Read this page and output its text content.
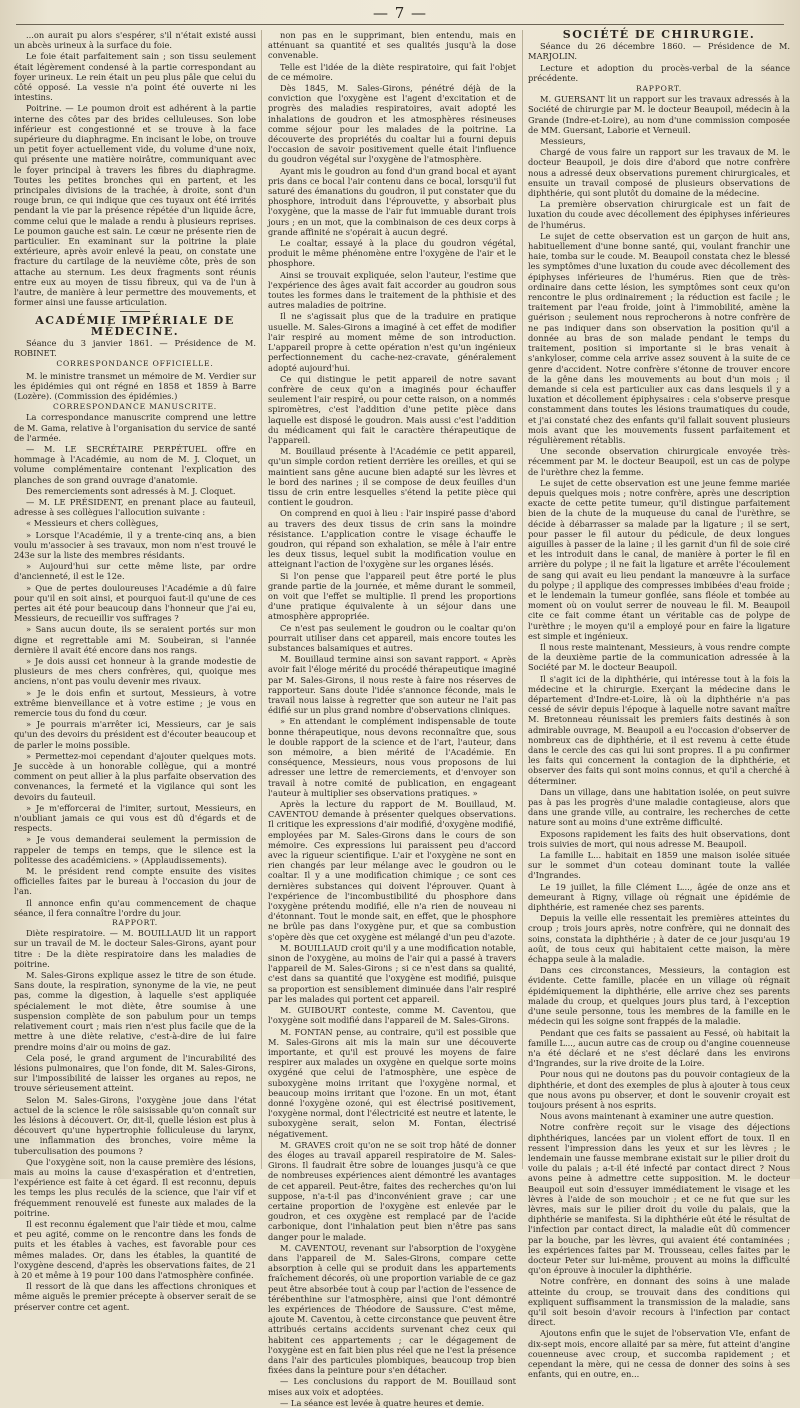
— 7 —

...on aurait pu alors s'espérer, s'il n'était existé aussi un abcès urineux à la surface du foie.

Le foie était parfaitement sain ; son tissu seulement était légèrement condensé à la partie correspondant au foyer urineux. Le rein était un peu plus pâle que celui du côté opposé. La vessie n'a point été ouverte ni les intestins.

Poitrine. — Le poumon droit est adhérent à la partie interne des côtes par des brides celluleuses. Son lobe inférieur est congestionné et se trouve à la face supérieure du diaphragme. En incisant le lobe, on trouve un petit foyer actuellement vide, du volume d'une noix, qui présente une matière noirâtre, communiquant avec le foyer principal à travers les fibres du diaphragme. Toutes les petites bronches qui en partent, et les principales divisions de la trachée, à droite, sont d'un rouge brun, ce qui indique que ces tuyaux ont été irrités pendant la vie par la présence répétée d'un liquide âcre, comme celui que le malade a rendu à plusieurs reprises. Le poumon gauche est sain. Le cœur ne présente rien de particulier. En examinant sur la poitrine la plaie extérieure, après avoir enlevé la peau, on constate une fracture du cartilage de la neuvième côte, près de son attache au sternum. Les deux fragments sont réunis entre eux au moyen de tissu fibreux, qui va de l'un à l'autre, de manière à leur permettre des mouvements, et former ainsi une fausse articulation.

ACADÉMIE IMPÉRIALE DE MÉDECINE.

Séance du 3 janvier 1861. — Présidence de M. ROBINET.

CORRESPONDANCE OFFICIELLE.

M. le ministre transmet un mémoire de M. Verdier sur les épidémies qui ont régné en 1858 et 1859 à Barre (Lozère). (Commission des épidémies.)

CORRESPONDANCE MANUSCRITE.

La correspondance manuscrite comprend une lettre de M. Gama, relative à l'organisation du service de santé de l'armée.

— M. LE SECRÉTAIRE PERPÉTUEL offre en hommage à l'Académie, au nom de M. J. Cloquet, un volume complémentaire contenant l'explication des planches de son grand ouvrage d'anatomie.

Des remerciements sont adressés à M. J. Cloquet.

— M. LE PRÉSIDENT, en prenant place au fauteuil, adresse à ses collègues l'allocution suivante :

« Messieurs et chers collègues,

» Lorsque l'Académie, il y a trente-cinq ans, a bien voulu m'associer à ses travaux, mon nom n'est trouvé le 243e sur la liste des membres résidants.

» Aujourd'hui sur cette même liste, par ordre d'ancienneté, il est le 12e.

» Que de pertes douloureuses l'Académie a dû faire pour qu'il en soit ainsi, et pourquoi faut-il qu'une de ces pertes ait été pour beaucoup dans l'honneur que j'ai eu, Messieurs, de recueillir vos suffrages ?

» Sans aucun doute, ils se seraient portés sur mon digne et regrettable ami M. Soubeiran, si l'année dernière il avait été encore dans nos rangs.

» Je dois aussi cet honneur à la grande modestie de plusieurs de mes chers confrères, qui, quoique mes anciens, n'ont pas voulu devenir mes rivaux.

» Je le dois enfin et surtout, Messieurs, à votre extrême bienveillance et à votre estime ; je vous en remercie tous du fond du cœur.

» Je pourrais m'arrêter ici, Messieurs, car je sais qu'un des devoirs du président est d'écouter beaucoup et de parler le moins possible.

» Permettez-moi cependant d'ajouter quelques mots. Je succède à un honorable collègue, qui a montré comment on peut allier à la plus parfaite observation des convenances, la fermeté et la vigilance qui sont les devoirs du fauteuil.

» Je m'efforcerai de l'imiter, surtout, Messieurs, en n'oubliant jamais ce qui vous est dû d'égards et de respects.

» Je vous demanderai seulement la permission de rappeler de temps en temps, que le silence est la politesse des académiciens. » (Applaudissements).

M. le président rend compte ensuite des visites officielles faites par le bureau à l'occasion du jour de l'an.

Il annonce enfin qu'au commencement de chaque séance, il fera connaître l'ordre du jour.

RAPPORT.

Diète respiratoire. — M. BOUILLAUD lit un rapport sur un travail de M. le docteur Sales-Girons, ayant pour titre : De la diète respiratoire dans les maladies de poitrine.

M. Sales-Girons explique assez le titre de son étude. Sans doute, la respiration, synonyme de la vie, ne peut pas, comme la digestion, à laquelle s'est appliquée spécialement le mot diète, être soumise à une suspension complète de son pabulum pour un temps relativement court ; mais rien n'est plus facile que de la mettre à une diète relative, c'est-à-dire de lui faire prendre moins d'air ou moins de gaz.

Cela posé, le grand argument de l'incurabilité des lésions pulmonaires, que l'on fonde, dit M. Sales-Girons, sur l'impossibilité de laisser les organes au repos, ne trouve sérieusement atteint.

Selon M. Sales-Girons, l'oxygène joue dans l'état actuel de la science le rôle saisissable qu'on connaît sur les lésions à découvert. Or, dit-il, quelle lésion est plus à découvert qu'une hypertrophie folliculeuse du larynx, une inflammation des bronches, voire même la tuberculisation des poumons ?

Que l'oxygène soit, non la cause première des lésions, mais au moins la cause d'exaspération et d'entretien, l'expérience est faite à cet égard. Il est reconnu, depuis les temps les plus reculés de la science, que l'air vif et fréquemment renouvelé est funeste aux malades de la poitrine.

Il est reconnu également que l'air tiède et mou, calme et peu agité, comme on le rencontre dans les fonds de puits et les étables à vaches, est favorable pour ces mêmes malades. Or, dans les étables, la quantité de l'oxygène descend, d'après les observations faites, de 21 à 20 et même à 19 pour 100 dans l'atmosphère confinée.

Il ressort de là que dans les affections chroniques et même aiguës le premier précepte à observer serait de se préserver contre cet agent.

non pas en le supprimant, bien entendu, mais en atténuant sa quantité et ses qualités jusqu'à la dose convenable.

Telle est l'idée de la diète respiratoire, qui fait l'objet de ce mémoire.

Dès 1845, M. Sales-Girons, pénétré déjà de la conviction que l'oxygène est l'agent d'excitation et de progrès des maladies respiratoires, avait adopté les inhalations de goudron et les atmosphères résineuses comme séjour pour les malades de la poitrine. La découverte des propriétés du coaltar lui a fourni depuis l'occasion de savoir positivement quelle était l'influence du goudron végétal sur l'oxygène de l'atmosphère.

Ayant mis le goudron au fond d'un grand bocal et ayant pris dans ce bocal l'air contenu dans ce bocal, lorsqu'il fut saturé des émanations du goudron, il put constater que du phosphore, introduit dans l'éprouvette, y absorbait plus l'oxygène, que la masse de l'air fut immuable durant trois jours ; en un mot, que la combinaison de ces deux corps à grande affinité ne s'opérait à aucun degré.

Le coaltar, essayé à la place du goudron végétal, produit le même phénomène entre l'oxygène de l'air et le phosphore.

Ainsi se trouvait expliquée, selon l'auteur, l'estime que l'expérience des âges avait fait accorder au goudron sous toutes les formes dans le traitement de la phthisie et des autres maladies de poitrine.

Il ne s'agissait plus que de la traduire en pratique usuelle. M. Sales-Girons a imaginé à cet effet de modifier l'air respiré au moment même de son introduction. L'appareil propre à cette opération n'est qu'un ingénieux perfectionnement du cache-nez-cravate, généralement adopté aujourd'hui.

Ce qui distingue le petit appareil de notre savant confrère de ceux qu'on a imaginés pour échauffer seulement l'air respiré, ou pour cette raison, on a nommés spiromètres, c'est l'addition d'une petite pièce dans laquelle est disposé le goudron. Mais aussi c'est l'addition du médicament qui fait le caractère thérapeutique de l'appareil.

M. Bouillaud présente à l'Académie ce petit appareil, qu'un simple cordon retient derrière les oreilles, et qui se maintient sans gêne aucune bien adapté sur les lèvres et le bord des narines ; il se compose de deux feuilles d'un tissu de crin entre lesquelles s'étend la petite pièce qui contient le goudron.

On comprend en quoi à lieu : l'air inspiré passe d'abord au travers des deux tissus de crin sans la moindre résistance. L'application contre le visage échauffe le goudron, qui répand son exhalation, se mêle à l'air entre les deux tissus, lequel subit la modification voulue en atteignant l'action de l'oxygène sur les organes lésés.

Si l'on pense que l'appareil peut être porté le plus grande partie de la journée, et même durant le sommeil, on voit que l'effet se multiplie. Il prend les proportions d'une pratique équivalente à un séjour dans une atmosphère appropriée.

Ce n'est pas seulement le goudron ou le coaltar qu'on pourrait utiliser dans cet appareil, mais encore toutes les substances balsamiques et autres.

M. Bouillaud termine ainsi son savant rapport. « Après avoir fait l'éloge mérité du procédé thérapeutique imaginé par M. Sales-Girons, il nous reste à faire nos réserves de rapporteur. Sans doute l'idée s'annonce féconde, mais le travail nous laisse à regretter que son auteur ne l'ait pas édifié sur un plus grand nombre d'observations cliniques.

» En attendant le complément indispensable de toute bonne thérapeutique, nous devons reconnaître que, sous le double rapport de la science et de l'art, l'auteur, dans son mémoire, a bien mérité de l'Académie. En conséquence, Messieurs, nous vous proposons de lui adresser une lettre de remerciements, et d'envoyer son travail à notre comité de publication, en engageant l'auteur à multiplier ses observations pratiques. »

Après la lecture du rapport de M. Bouillaud, M. CAVENTOU demande à présenter quelques observations. Il critique les expressions d'air modifié, d'oxygène modifié, employées par M. Sales-Girons dans le cours de son mémoire. Ces expressions lui paraissent peu d'accord avec la rigueur scientifique. L'air et l'oxygène ne sont en rien changés par leur mélange avec le goudron ou le coaltar. Il y a une modification chimique ; ce sont ces dernières substances qui doivent l'éprouver. Quant à l'expérience de l'incombustibilité du phosphore dans l'oxygène prétendu modifié, elle n'a rien de nouveau ni d'étonnant. Tout le monde sait, en effet, que le phosphore ne brûle pas dans l'oxygène pur, et que sa combustion s'opère dès que cet oxygène est mélangé d'un peu d'azote.

M. BOUILLAUD croit qu'il y a une modification notable, sinon de l'oxygène, au moins de l'air qui a passé à travers l'appareil de M. Sales-Girons ; si ce n'est dans sa qualité, c'est dans sa quantité que l'oxygène est modifié, puisque sa proportion est sensiblement diminuée dans l'air respiré par les malades qui portent cet appareil.

M. GUIBOURT conteste, comme M. Caventou, que l'oxygène soit modifié dans l'appareil de M. Sales-Girons.

M. FONTAN pense, au contraire, qu'il est possible que M. Sales-Girons ait mis la main sur une découverte importante, et qu'il est prouvé les moyens de faire respirer aux malades un oxygène en quelque sorte moins oxygéné que celui de l'atmosphère, une espèce de suboxygène moins irritant que l'oxygène normal, et beaucoup moins irritant que l'ozone. En un mot, étant donné l'oxygène ozoné, qui est électrisé positivement, l'oxygène normal, dont l'électricité est neutre et latente, le suboxygène serait, selon M. Fontan, électrisé négativement.

M. GRAVES croit qu'on ne se soit trop hâté de donner des éloges au travail appareil respiratoire de M. Sales-Girons. Il faudrait être sobre de louanges jusqu'à ce que de nombreuses expériences aient démontré les avantages de cet appareil. Peut-être, faites des recherches qu'on lui suppose, n'a-t-il pas d'inconvénient grave ; car une certaine proportion de l'oxygène est enlevée par le goudron, et ces oxygène est remplacé par de l'acide carbonique, dont l'inhalation peut bien n'être pas sans danger pour le malade.

M. CAVENTOU, revenant sur l'absorption de l'oxygène dans l'appareil de M. Sales-Girons, compare cette absorption à celle qui se produit dans les appartements fraîchement décorés, où une proportion variable de ce gaz peut être absorbée tout à coup par l'action de l'essence de térébenthine sur l'atmosphère, ainsi que l'ont démontré les expériences de Théodore de Saussure. C'est même, ajoute M. Caventou, à cette circonstance que peuvent être attribués certains accidents survenant chez ceux qui habitent ces appartements ; car le dégagement de l'oxygène est en fait bien plus réel que ne l'est la présence dans l'air des particules plombiques, beaucoup trop bien fixées dans la peinture pour s'en détacher.

— Les conclusions du rapport de M. Bouillaud sont mises aux voix et adoptées.

— La séance est levée à quatre heures et demie.

SOCIÉTÉ DE CHIRURGIE.

Séance du 26 décembre 1860. — Présidence de M. MARJOLIN.

Lecture et adoption du procès-verbal de la séance précédente.

RAPPORT.

M. GUERSANT lit un rapport sur les travaux adressés à la Société de chirurgie par M. le docteur Beaupoil, médecin à la Grande (Indre-et-Loire), au nom d'une commission composée de MM. Guersant, Laborie et Verneuil.

Messieurs,

Chargé de vous faire un rapport sur les travaux de M. le docteur Beaupoil, je dois dire d'abord que notre confrère nous a adressé deux observations purement chirurgicales, et ensuite un travail composé de plusieurs observations de diphthérie, qui sont plutôt du domaine de la médecine.

La première observation chirurgicale est un fait de luxation du coude avec décollement des épiphyses inférieures de l'humérus.

Le sujet de cette observation est un garçon de huit ans, habituellement d'une bonne santé, qui, voulant franchir une haie, tomba sur le coude. M. Beaupoil constata chez le blessé les symptômes d'une luxation du coude avec décollement des épiphyses inférieures de l'humérus. Rien que de très-ordinaire dans cette lésion, les symptômes sont ceux qu'on rencontre le plus ordinairement ; la réduction est facile ; le traitement par l'eau froide, joint à l'immobilité, amène la guérison ; seulement nous reprocherons à notre confrère de ne pas indiquer dans son observation la position qu'il a donnée au bras de son malade pendant le temps du traitement, position si importante si le bras venait à s'ankyloser, comme cela arrive assez souvent à la suite de ce genre d'accident. Notre confrère s'étonne de trouver encore de la gêne dans les mouvements au bout d'un mois ; il demande si cela est particulier aux cas dans lesquels il y a luxation et décollement épiphysaires : cela s'observe presque constamment dans toutes les lésions traumatiques du coude, et j'ai constaté chez des enfants qu'il fallait souvent plusieurs mois avant que les mouvements fussent parfaitement et régulièrement rétablis.

Une seconde observation chirurgicale envoyée très-récemment par M. le docteur Beaupoil, est un cas de polype de l'urèthre chez la femme.

Le sujet de cette observation est une jeune femme mariée depuis quelques mois ; notre confrère, après une description exacte de cette petite tumeur, qu'il distingue parfaitement bien de la chute de la muqueuse du canal de l'urèthre, se décide à débarrasser sa malade par la ligature ; il se sert, pour passer le fil autour du pédicule, de deux longues aiguilles à passer de la laine ; il les garnit d'un fil de soie ciré et les introduit dans le canal, de manière à porter le fil en arrière du polype ; il ne fait la ligature et arrête l'écoulement de sang qui avait eu lieu pendant la manœuvre à la surface du polype ; il applique des compresses imbibées d'eau froide ; et le lendemain la tumeur gonflée, sans fléole et tombée au moment où on voulut serrer de nouveau le fil. M. Beaupoil cite ce fait comme étant un véritable cas de polype de l'urèthre ; le moyen qu'il a employé pour en faire la ligature est simple et ingénieux.

Il nous reste maintenant, Messieurs, à vous rendre compte de la deuxième partie de la communication adressée à la Société par M. le docteur Beaupoil.

Il s'agit ici de la diphthérie, qui intéresse tout à la fois la médecine et la chirurgie. Exerçant la médecine dans le département d'Indre-et-Loire, là où la diphthérie n'a pas cessé de sévir depuis l'époque à laquelle notre savant maître M. Bretonneau réunissait les premiers faits destinés à son admirable ouvrage, M. Beaupoil a eu l'occasion d'observer de nombreux cas de diphthérie, et il est revenu à cette étude dans le cercle des cas qui lui sont propres. Il a pu confirmer les faits qui concernent la contagion de la diphthérie, et observer des faits qui sont moins connus, et qu'il a cherché à déterminer.

Dans un village, dans une habitation isolée, on peut suivre pas à pas les progrès d'une maladie contagieuse, alors que dans une grande ville, au contraire, les recherches de cette nature sont au moins d'une extrême difficulté.

Exposons rapidement les faits des huit observations, dont trois suivies de mort, qui nous adresse M. Beaupoil.

La famille L... habitait en 1859 une maison isolée située sur le sommet d'un coteau dominant toute la vallée d'Ingrandes.

Le 19 juillet, la fille Clément L..., âgée de onze ans et demeurant à Rigny, village où régnait une épidémie de diphthérie, est ramenée chez ses parents.

Depuis la veille elle ressentait les premières atteintes du croup ; trois jours après, notre confrère, qui ne donnait des soins, constata la diphthérie ; à dater de ce jour jusqu'au 19 août, de tous ceux qui habitaient cette maison, la mère échappa seule à la maladie.

Dans ces circonstances, Messieurs, la contagion est évidente. Cette famille, placée en un village où régnait épidémiquement la diphthérie, elle arrive chez ses parents malade du croup, et quelques jours plus tard, à l'exception d'une seule personne, tous les membres de la famille en le médecin qui les soigne sont frappés de la maladie.

Pendant que ces faits se passaient au Fessé, où habitait la famille L..., aucun autre cas de croup ou d'angine couenneuse n'a été déclaré et ne s'est déclaré dans les environs d'Ingrandes, sur la rive droite de la Loire.

Pour nous qui ne doutons pas du pouvoir contagieux de la diphthérie, et dont des exemples de plus à ajouter à tous ceux que nous avons pu observer, et dont le souvenir croyait est toujours présent à nos esprits.

Nous avons maintenant à examiner une autre question.

Notre confrère reçoit sur le visage des déjections diphthériques, lancées par un violent effort de toux. Il en ressent l'impression dans les yeux et sur les lèvres ; le lendemain une fausse membrane existait sur le pilier droit du voile du palais ; a-t-il été infecté par contact direct ? Nous avons peine à admettre cette supposition. M. le docteur Beaupoil eut soin d'essuyer immédiatement le visage et les lèvres à l'aide de son mouchoir ; et ce ne fut que sur les lèvres, mais sur le pilier droit du voile du palais, que la diphthérie se manifesta. Si la diphthérie eût été le résultat de l'infection par contact direct, la maladie eût dû commencer par la bouche, par les lèvres, qui avaient été contaminées ; les expériences faites par M. Trousseau, celles faites par le docteur Peter sur lui-même, prouvent au moins la difficulté qu'on éprouve à inoculer la diphthérie.

Notre confrère, en donnant des soins à une malade atteinte du croup, se trouvait dans des conditions qui expliquent suffisamment la transmission de la maladie, sans qu'il soit besoin d'avoir recours à l'infection par contact direct.

Ajoutons enfin que le sujet de l'observation VIe, enfant de dix-sept mois, encore allaité par sa mère, fut atteint d'angine couenneuse avec croup, et succomba rapidement ; et cependant la mère, qui ne cessa de donner des soins à ses enfants, qui en outre, en...
